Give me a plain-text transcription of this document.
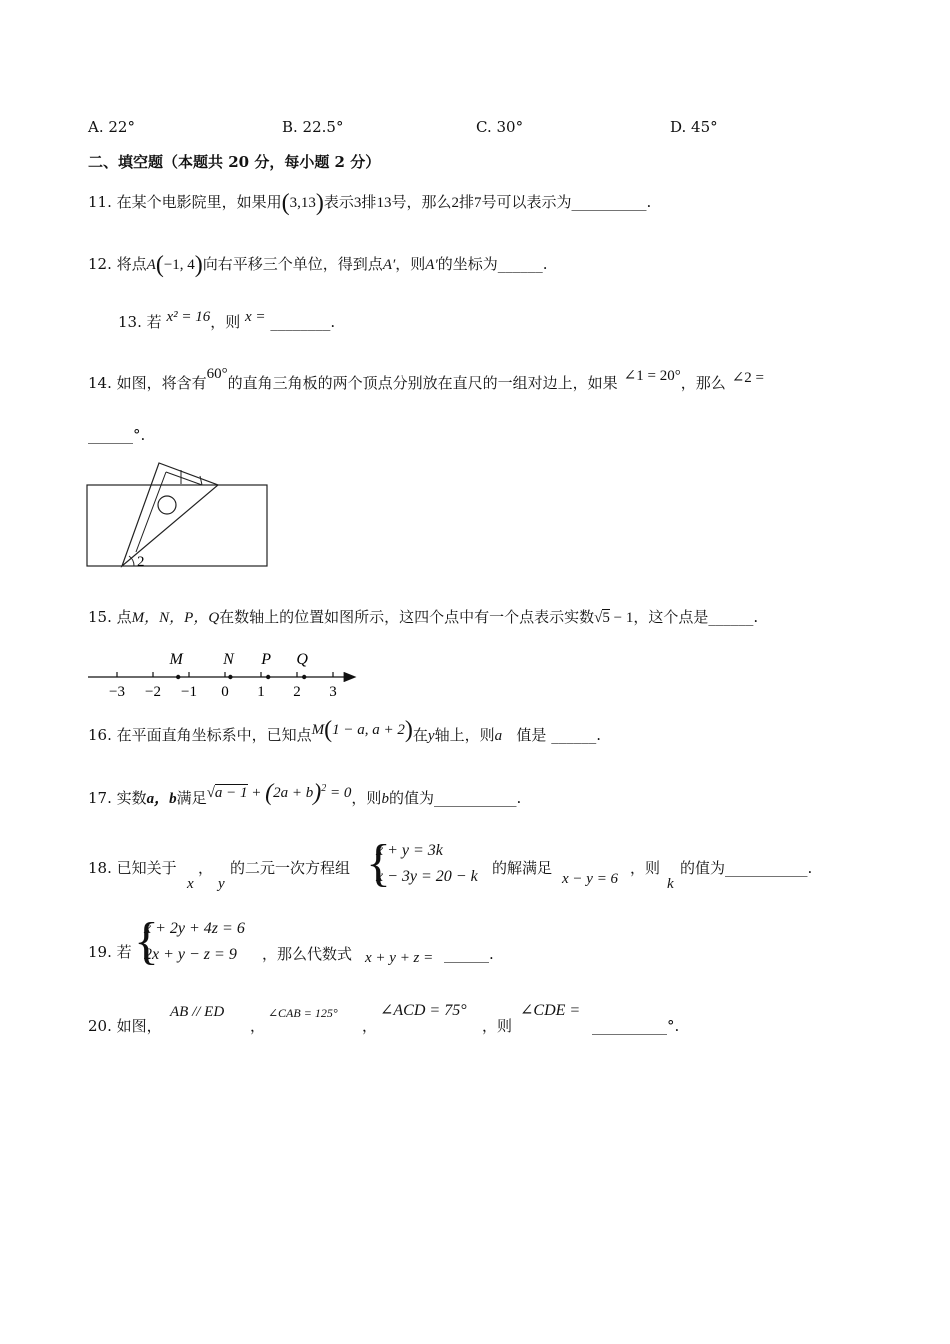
A. 22°	B. 22.5°	C. 30°	D. 45°
二、填空题（本题共 20 分，每小题 2 分）
11. 在某个电影院里，如果用(3,13)表示3排13号，那么2排7号可以表示为__________.
12. 将点A(−1, 4)向右平移三个单位，得到点A′，则A′的坐标为______.
13. 若 x² = 16，则 x = ________.
14. 如图，将含有60°的直角三角板的两个顶点分别放在直尺的一组对边上，如果 ∠1 = 20°，那么 ∠2 =
______°.
2
15. 点M，N，P，Q在数轴上的位置如图所示，这四个点中有一个点表示实数√5 − 1，这个点是______.
−3 −2 −1 0 1 2 3
M	N P Q
16. 在平面直角坐标系中，已知点M(1 − a, a + 2)在y轴上，则a 值是 ______.
17. 实数a，b满足$√a - 1 + (2a + b)^2 = 0$，则b的值为___________.
18. 已知关于
x
，
y
的二元一次方程组 {
x + y = 3k
x − 3y = 20 − k 的解满足
x − y = 6
，则
k
的值为___________.
19. 若 {
x + 2y + 4z = 6
2x + y − z = 9	，那么代数式 x + y + z = ______.
20. 如图，
AB // ED
，
∠CAB = 125°
，
∠ACD = 75°
，则
∠CDE =
__________°.
